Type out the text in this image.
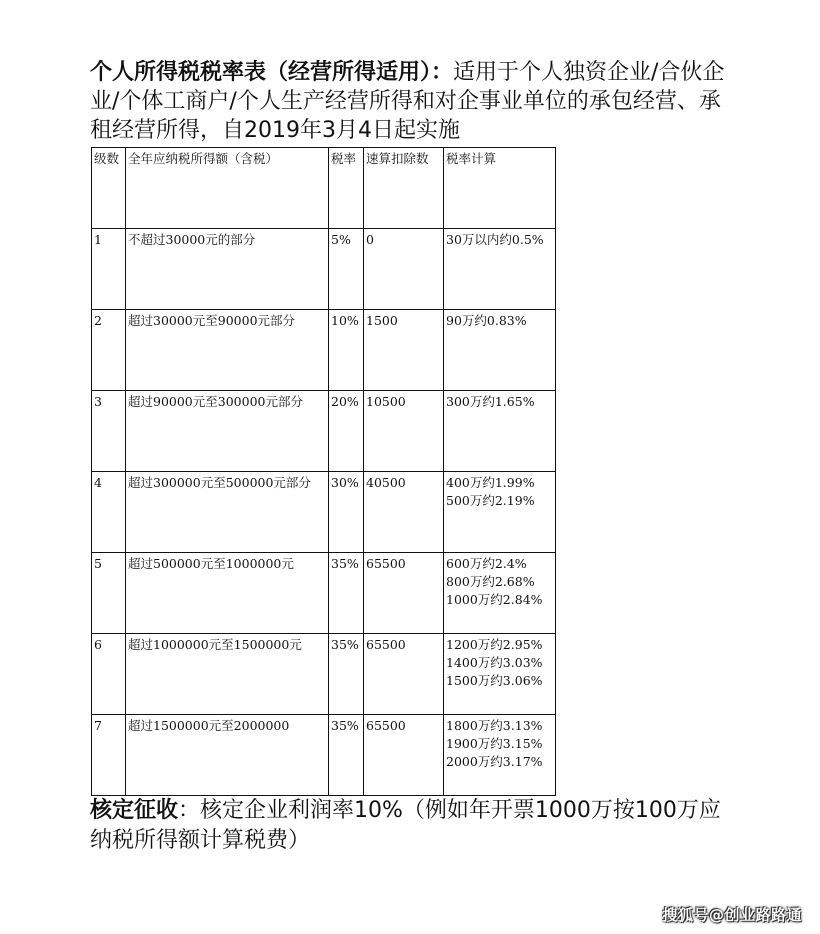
个人所得税税率表（经营所得适用）：适用于个人独资企业/合伙企业/个体工商户/个人生产经营所得和对企事业单位的承包经营、承租经营所得，自2019年3月4日起实施
级数	全年应纳税所得额（含税）	税率	速算扣除数	税率计算
1	不超过30000元的部分	5%	0	30万以内约0.5%

2	超过30000元至90000元部分	10%	1500	90万约0.83%

3	超过90000元至300000元部分	20%	10500	300万约1.65%

4	超过300000元至500000元部分	30%	40500	400万约1.99%
500万约2.19%

5	超过500000元至1000000元	35%	65500	600万约2.4%
800万约2.68%
1000万约2.84%

6	超过1000000元至1500000元	35%	65500	1200万约2.95%
1400万约3.03%
1500万约3.06%

7	超过1500000元至2000000	35%	65500	1800万约3.13%
1900万约3.15%
2000万约3.17%
核定征收：核定企业利润率10%（例如年开票1000万按100万应纳税所得额计算税费）
搜狐号@创业路路通
